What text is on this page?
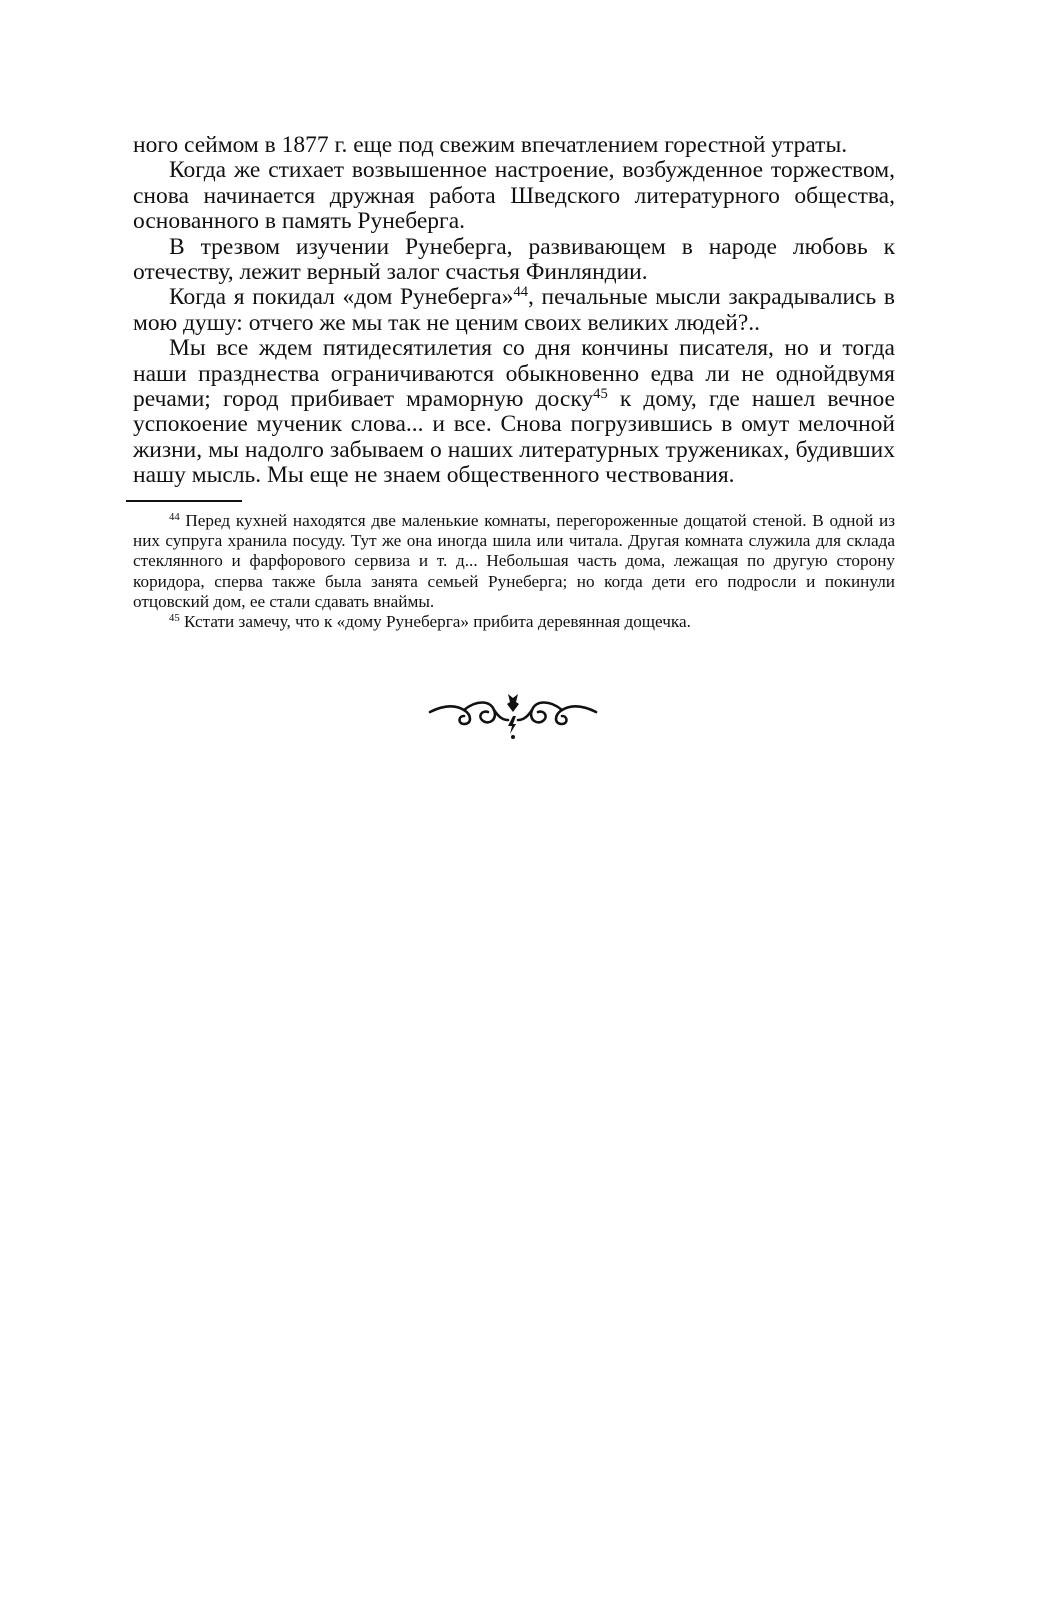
ного сеймом в 1877 г. еще под свежим впечатлением горестной утраты.

Когда же стихает возвышенное настроение, возбужденное торжеством, снова начинается дружная работа Шведского литературного общества, основанного в память Рунеберга.

В трезвом изучении Рунеберга, развивающем в народе любовь к отечеству, лежит верный залог счастья Финляндии.

Когда я покидал «дом Рунеберга»$^{44}$, печальные мысли закрадывались в мою душу: отчего же мы так не ценим своих великих людей?..

Мы все ждем пятидесятилетия со дня кончины писателя, но и тогда наши празднества ограничиваются обыкновенно едва ли не однойдвумя речами; город прибивает мраморную доску$^{45}$ к дому, где нашел вечное успокоение мученик слова... и все. Снова погрузившись в омут мелочной жизни, мы надолго забываем о наших литературных тружениках, будивших нашу мысль. Мы еще не знаем общественного чествования.

$^{44}$ Перед кухней находятся две маленькие комнаты, перегороженные дощатой стеной. В одной из них супруга хранила посуду. Тут же она иногда шила или читала. Другая комната служила для склада стеклянного и фарфорового сервиза и т. д... Небольшая часть дома, лежащая по другую сторону коридора, сперва также была занята семьей Рунеберга; но когда дети его подросли и покинули отцовский дом, ее стали сдавать внаймы.

$^{45}$ Кстати замечу, что к «дому Рунеберга» прибита деревянная дощечка.
